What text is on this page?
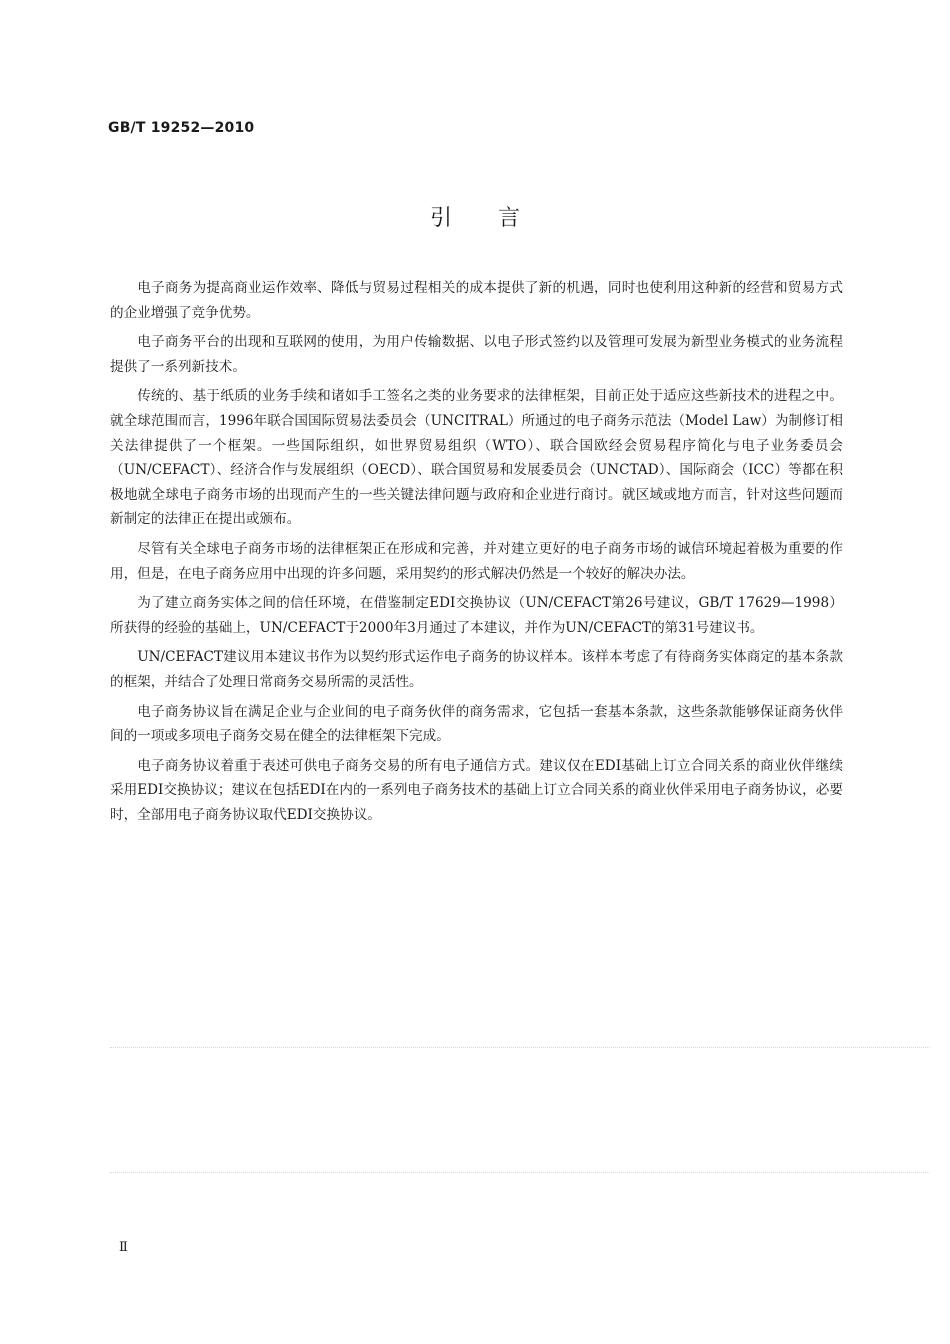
GB/T 19252—2010
引言

电子商务为提高商业运作效率、降低与贸易过程相关的成本提供了新的机遇，同时也使利用这种新的经营和贸易方式的企业增强了竞争优势。

电子商务平台的出现和互联网的使用，为用户传输数据、以电子形式签约以及管理可发展为新型业务模式的业务流程提供了一系列新技术。

传统的、基于纸质的业务手续和诸如手工签名之类的业务要求的法律框架，目前正处于适应这些新技术的进程之中。就全球范围而言，1996年联合国国际贸易法委员会（UNCITRAL）所通过的电子商务示范法（Model Law）为制修订相关法律提供了一个框架。一些国际组织，如世界贸易组织（WTO）、联合国欧经会贸易程序简化与电子业务委员会（UN/CEFACT）、经济合作与发展组织（OECD）、联合国贸易和发展委员会（UNCTAD）、国际商会（ICC）等都在积极地就全球电子商务市场的出现而产生的一些关键法律问题与政府和企业进行商讨。就区域或地方而言，针对这些问题而新制定的法律正在提出或颁布。

尽管有关全球电子商务市场的法律框架正在形成和完善，并对建立更好的电子商务市场的诚信环境起着极为重要的作用，但是，在电子商务应用中出现的许多问题，采用契约的形式解决仍然是一个较好的解决办法。

为了建立商务实体之间的信任环境，在借鉴制定EDI交换协议（UN/CEFACT第26号建议，GB/T 17629—1998）所获得的经验的基础上，UN/CEFACT于2000年3月通过了本建议，并作为UN/CEFACT的第31号建议书。

UN/CEFACT建议用本建议书作为以契约形式运作电子商务的协议样本。该样本考虑了有待商务实体商定的基本条款的框架，并结合了处理日常商务交易所需的灵活性。

电子商务协议旨在满足企业与企业间的电子商务伙伴的商务需求，它包括一套基本条款，这些条款能够保证商务伙伴间的一项或多项电子商务交易在健全的法律框架下完成。

电子商务协议着重于表述可供电子商务交易的所有电子通信方式。建议仅在EDI基础上订立合同关系的商业伙伴继续采用EDI交换协议；建议在包括EDI在内的一系列电子商务技术的基础上订立合同关系的商业伙伴采用电子商务协议，必要时，全部用电子商务协议取代EDI交换协议。

Ⅱ
